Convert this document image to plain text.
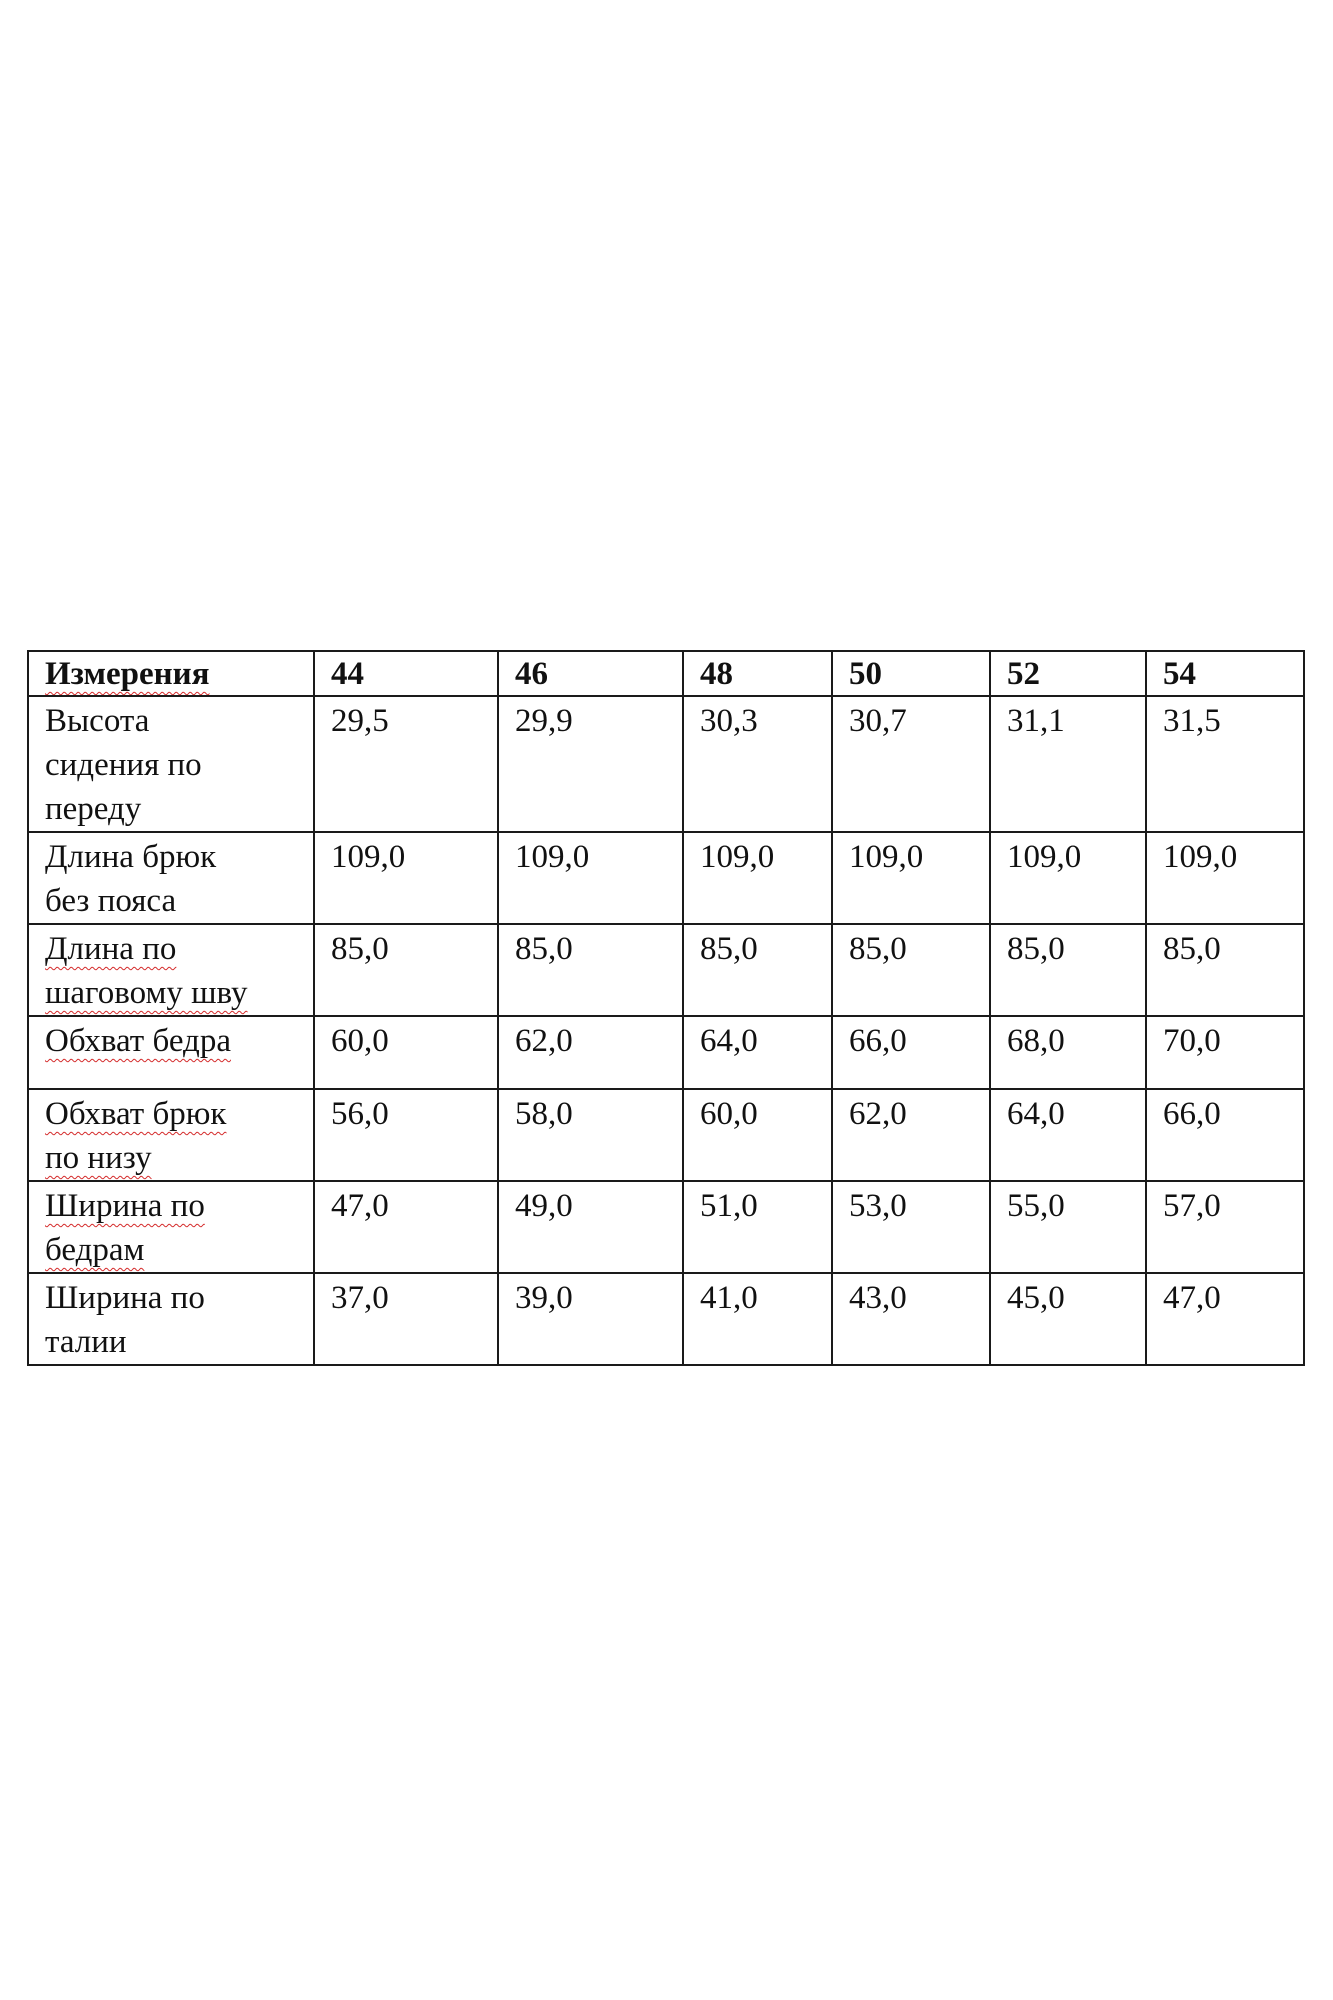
Измерения	44	46	48	50	52	54

Высота
сидения по
переду	29,5	29,9	30,3	30,7	31,1	31,5

Длина брюк
без пояса	109,0	109,0	109,0	109,0	109,0	109,0

Длина по
шаговому шву	85,0	85,0	85,0	85,0	85,0	85,0

Обхват бедра	60,0	62,0	64,0	66,0	68,0	70,0

Обхват брюк
по низу	56,0	58,0	60,0	62,0	64,0	66,0

Ширина по
бедрам	47,0	49,0	51,0	53,0	55,0	57,0

Ширина по
талии	37,0	39,0	41,0	43,0	45,0	47,0
